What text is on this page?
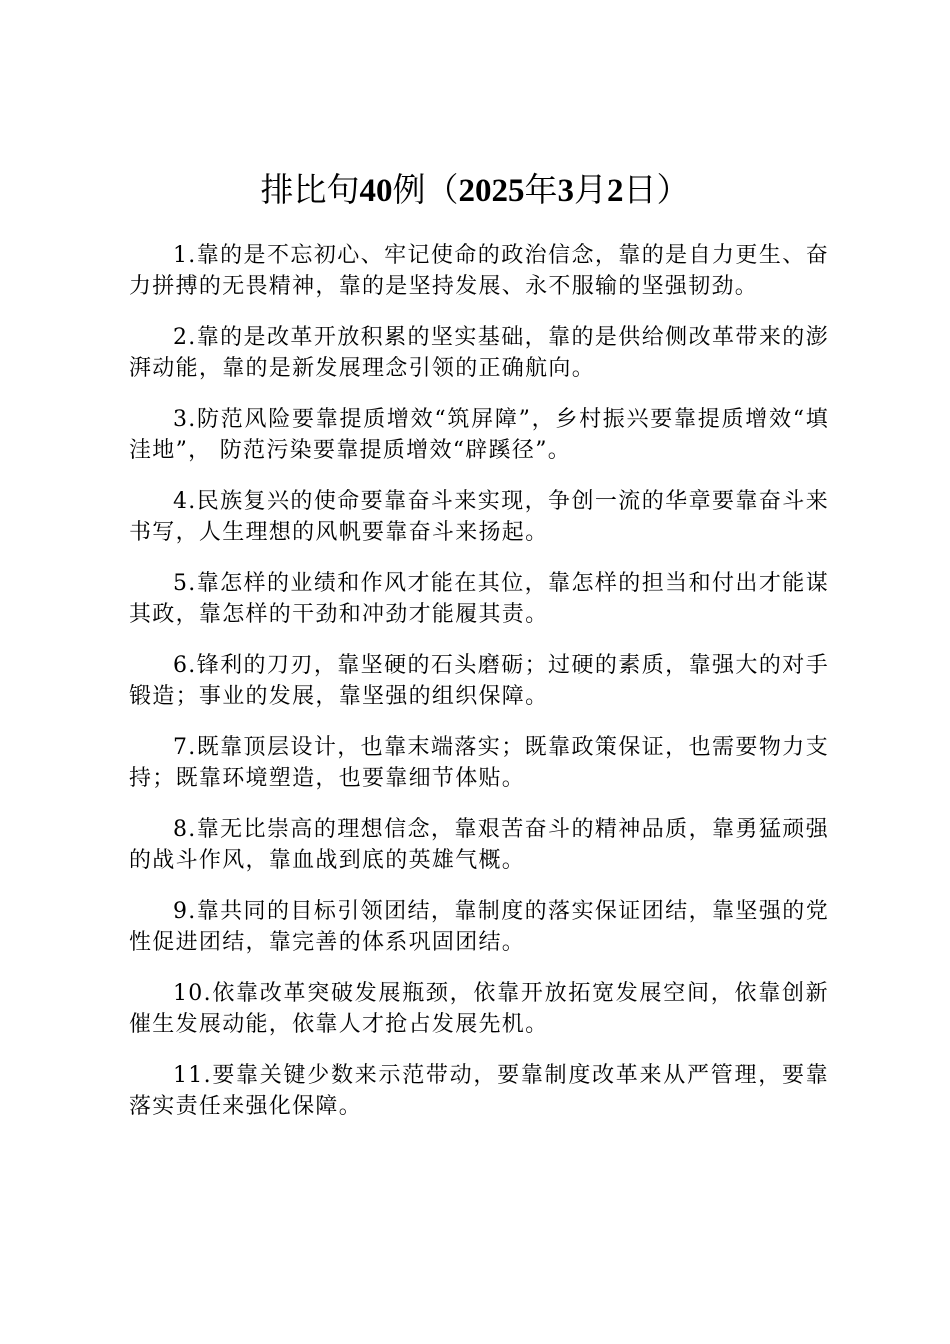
排比句40例（2025年3月2日）

1.靠的是不忘初心、牢记使命的政治信念，靠的是自力更生、奋力拼搏的无畏精神，靠的是坚持发展、永不服输的坚强韧劲。

2.靠的是改革开放积累的坚实基础，靠的是供给侧改革带来的澎湃动能，靠的是新发展理念引领的正确航向。

3.防范风险要靠提质增效“筑屏障”，乡村振兴要靠提质增效“填洼地”， 防范污染要靠提质增效“辟蹊径”。

4.民族复兴的使命要靠奋斗来实现，争创一流的华章要靠奋斗来书写，人生理想的风帆要靠奋斗来扬起。

5.靠怎样的业绩和作风才能在其位，靠怎样的担当和付出才能谋其政，靠怎样的干劲和冲劲才能履其责。

6.锋利的刀刃，靠坚硬的石头磨砺；过硬的素质，靠强大的对手锻造；事业的发展，靠坚强的组织保障。

7.既靠顶层设计，也靠末端落实；既靠政策保证，也需要物力支持；既靠环境塑造，也要靠细节体贴。

8.靠无比崇高的理想信念，靠艰苦奋斗的精神品质，靠勇猛顽强的战斗作风，靠血战到底的英雄气概。

9.靠共同的目标引领团结，靠制度的落实保证团结，靠坚强的党性促进团结，靠完善的体系巩固团结。

10.依靠改革突破发展瓶颈，依靠开放拓宽发展空间，依靠创新催生发展动能，依靠人才抢占发展先机。

11.要靠关键少数来示范带动，要靠制度改革来从严管理，要靠落实责任来强化保障。
